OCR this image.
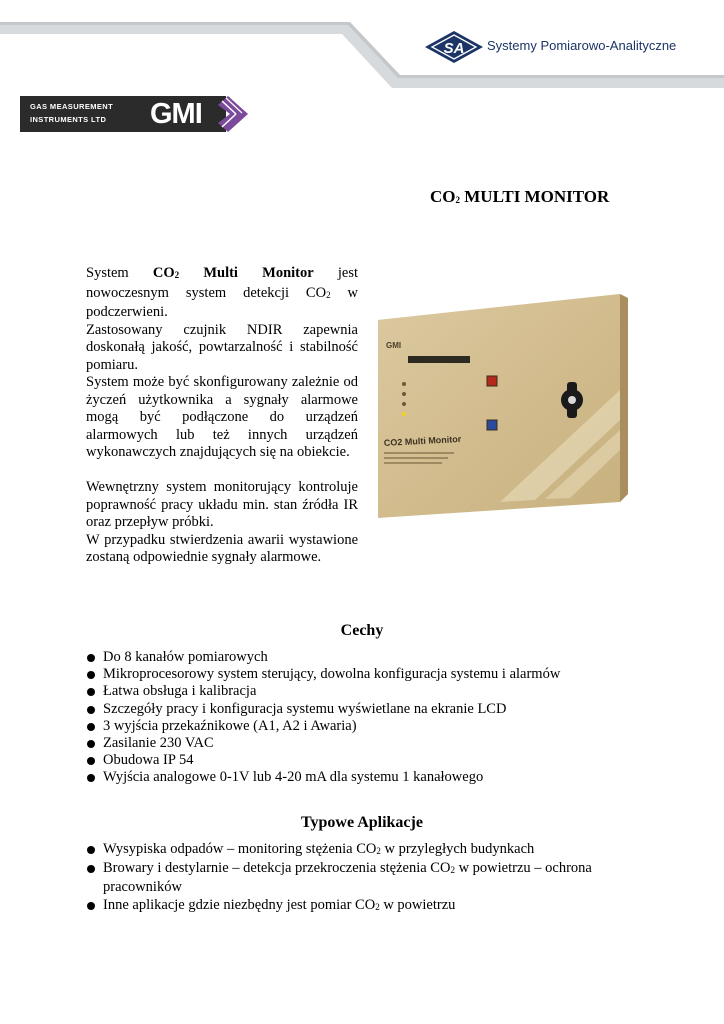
SA Systemy Pomiarowo-Analityczne
GAS MEASUREMENT
INSTRUMENTS LTD GMI
$CO_2$ MULTI MONITOR

System $CO_2$ Multi Monitor jest nowoczesnym system detekcji $CO_2$ w podczerwieni.

Zastosowany czujnik NDIR zapewnia doskonałą jakość, powtarzalność i stabilność pomiaru.

System może być skonfigurowany zależnie od życzeń użytkownika a sygnały alarmowe mogą być podłączone do urządzeń alarmowych lub też innych urządzeń wykonawczych znajdujących się na obiekcie.

Wewnętrzny system monitorujący kontroluje poprawność pracy układu min. stan źródła IR oraz przepływ próbki.

W przypadku stwierdzenia awarii wystawione zostaną odpowiednie sygnały alarmowe.

GMI
CO2 Multi Monitor
Cechy
Do 8 kanałów pomiarowych
Mikroprocesorowy system sterujący, dowolna konfiguracja systemu i alarmów
Łatwa obsługa i kalibracja
Szczegóły pracy i konfiguracja systemu wyświetlane na ekranie LCD
3 wyjścia przekaźnikowe (A1, A2 i Awaria)
Zasilanie 230 VAC
Obudowa IP 54
Wyjścia analogowe 0-1V lub 4-20 mA dla systemu 1 kanałowego
Typowe Aplikacje
Wysypiska odpadów – monitoring stężenia $CO_2$ w przyległych budynkach
Browary i destylarnie – detekcja przekroczenia stężenia $CO_2$ w powietrzu – ochrona pracowników
Inne aplikacje gdzie niezbędny jest pomiar $CO_2$ w powietrzu
